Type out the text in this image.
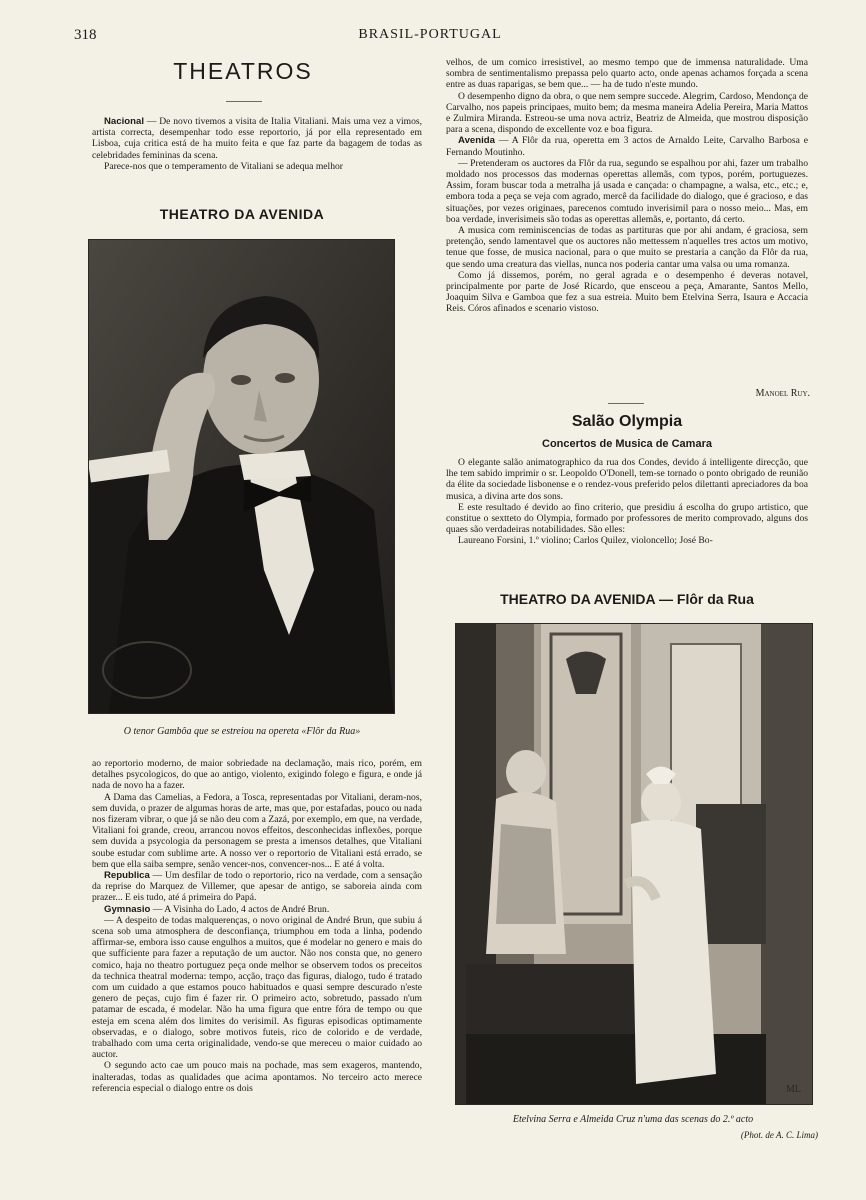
318	BRASIL-PORTUGAL
THEATROS

Nacional — De novo tivemos a visita de Italia Vitaliani. Mais uma vez a vimos, artista correcta, desempenhar todo esse reportorio, já por ella representado em Lisboa, cuja critica está de ha muito feita e que faz parte da bagagem de todas as celebridades femininas da scena.

Parece-nos que o temperamento de Vitaliani se adequa melhor

THEATRO DA AVENIDA
O tenor Gambôa que se estreiou na opereta «Flôr da Rua»

ao reportorio moderno, de maior sobriedade na declamação, mais rico, porém, em detalhes psycologicos, do que ao antigo, violento, exigindo folego e figura, e onde já nada de novo ha a fazer.

A Dama das Camelias, a Fedora, a Tosca, representadas por Vitaliani, deram-nos, sem duvida, o prazer de algumas horas de arte, mas que, por estafadas, pouco ou nada nos fizeram vibrar, o que já se não deu com a Zazá, por exemplo, em que, na verdade, Vitaliani foi grande, creou, arrancou novos effeitos, desconhecidas inflexões, porque sem duvida a psycologia da personagem se presta a imensos detalhes, que Vitaliani soube estudar com sublime arte. A nosso ver o reportorio de Vitaliani está errado, se bem que ella saiba sempre, senão vencer-nos, convencer-nos... E até á volta.

Republica — Um desfilar de todo o reportorio, rico na verdade, com a sensação da reprise do Marquez de Villemer, que apesar de antigo, se saboreia ainda com prazer... E eis tudo, até á primeira do Papá.

Gymnasio — A Visinha do Lado, 4 actos de André Brun.

— A despeito de todas malquerenças, o novo original de André Brun, que subiu á scena sob uma atmosphera de desconfiança, triumphou em toda a linha, podendo affirmar-se, embora isso cause engulhos a muitos, que é modelar no genero e mais do que sufficiente para fazer a reputação de um auctor. Não nos consta que, no genero comico, haja no theatro portuguez peça onde melhor se observem todos os preceitos da technica theatral moderna: tempo, acção, traço das figuras, dialogo, tudo é tratado com um cuidado a que estamos pouco habituados e quasi sempre descurado n'este genero de peças, cujo fim é fazer rir. O primeiro acto, sobretudo, passado n'um patamar de escada, é modelar. Não ha uma figura que entre fóra de tempo ou que esteja em scena além dos limites do verisimil. As figuras episodicas optimamente observadas, e o dialogo, sobre motivos futeis, rico de colorido e de verdade, trabalhado com uma certa originalidade, vendo-se que mereceu o maior cuidado ao auctor.

O segundo acto cae um pouco mais na pochade, mas sem exageros, mantendo, inalteradas, todas as qualidades que acima apontamos. No terceiro acto merece referencia especial o dialogo entre os dois

velhos, de um comico irresistivel, ao mesmo tempo que de immensa naturalidade. Uma sombra de sentimentalismo prepassa pelo quarto acto, onde apenas achamos forçada a scena entre as duas raparigas, se bem que... — ha de tudo n'este mundo.

O desempenho digno da obra, o que nem sempre succede. Alegrim, Cardoso, Mendonça de Carvalho, nos papeis principaes, muito bem; da mesma maneira Adelia Pereira, Maria Mattos e Zulmira Miranda. Estreou-se uma nova actriz, Beatriz de Almeida, que mostrou disposição para a scena, dispondo de excellente voz e boa figura.

Avenida — A Flôr da rua, operetta em 3 actos de Arnaldo Leite, Carvalho Barbosa e Fernando Moutinho.

— Pretenderam os auctores da Flôr da rua, segundo se espalhou por ahi, fazer um trabalho moldado nos processos das modernas operettas allemãs, com typos, porém, portuguezes. Assim, foram buscar toda a metralha já usada e cançada: o champagne, a walsa, etc., etc.; e, embora toda a peça se veja com agrado, mercê da facilidade do dialogo, que é gracioso, e das situações, por vezes originaes, parecenos comtudo inverisimil para o nosso meio... Mas, em boa verdade, inverisimeis são todas as operettas allemãs, e, portanto, dá certo.

A musica com reminiscencias de todas as partituras que por ahi andam, é graciosa, sem pretenção, sendo lamentavel que os auctores não mettessem n'aquelles tres actos um motivo, tenue que fosse, de musica nacional, para o que muito se prestaria a canção da Flôr da rua, que sendo uma creatura das viellas, nunca nos poderia cantar uma valsa ou uma romanza.

Como já dissemos, porém, no geral agrada e o desempenho é deveras notavel, principalmente por parte de José Ricardo, que ensceou a peça, Amarante, Santos Mello, Joaquim Silva e Gamboa que fez a sua estreia. Muito bem Etelvina Serra, Isaura e Accacia Reis. Córos afinados e scenario vistoso.

Manoel Ruy.
Salão Olympia
Concertos de Musica de Camara

O elegante salão animatographico da rua dos Condes, devido á intelligente direcção, que lhe tem sabido imprimir o sr. Leopoldo O'Donell, tem-se tornado o ponto obrigado de reunião da élite da sociedade lisbonense e o rendez-vous preferido pelos dilettanti apreciadores da boa musica, a divina arte dos sons.

E este resultado é devido ao fino criterio, que presidiu á escolha do grupo artistico, que constitue o sextteto do Olympia, formado por professores de merito comprovado, alguns dos quaes são verdadeiras notabilidades. São elles:

Laureano Forsini, 1.º violino; Carlos Quilez, violoncello; José Bo-

THEATRO DA AVENIDA — Flôr da Rua
ML
Etelvina Serra e Almeida Cruz n'uma das scenas do 2.º acto
(Phot. de A. C. Lima)
